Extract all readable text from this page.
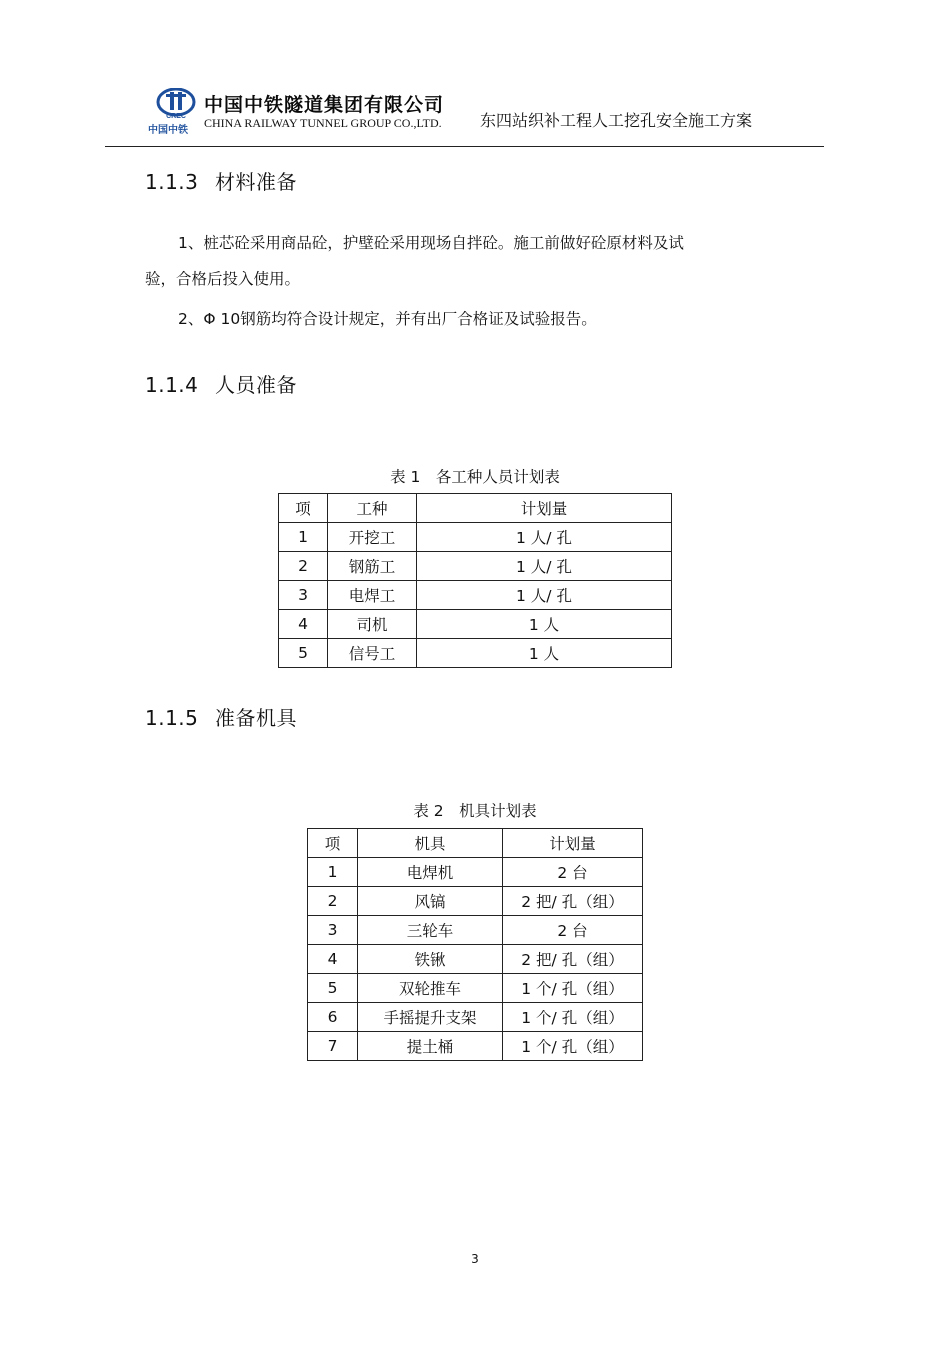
CREC
中国中铁
中国中铁隧道集团有限公司
CHINA RAILWAY TUNNEL GROUP CO.,LTD. 东四站织补工程人工挖孔安全施工方案
1.1.3 材料准备
1、桩芯砼采用商品砼，护壁砼采用现场自拌砼。施工前做好砼原材料及试
验，合格后投入使用。
2、Φ 10钢筋均符合设计规定，并有出厂合格证及试验报告。
1.1.4 人员准备
表 1　各工种人员计划表
项	工种	计划量
1	开挖工	1 人/ 孔
2	钢筋工	1 人/ 孔
3	电焊工	1 人/ 孔
4	司机	1 人
5	信号工	1 人
1.1.5 准备机具
表 2　机具计划表
项	机具	计划量
1	电焊机	2 台
2	风镐	2 把/ 孔（组）
3	三轮车	2 台
4	铁锹	2 把/ 孔（组）
5	双轮推车	1 个/ 孔（组）
6	手摇提升支架	1 个/ 孔（组）
7	提土桶	1 个/ 孔（组）
3
